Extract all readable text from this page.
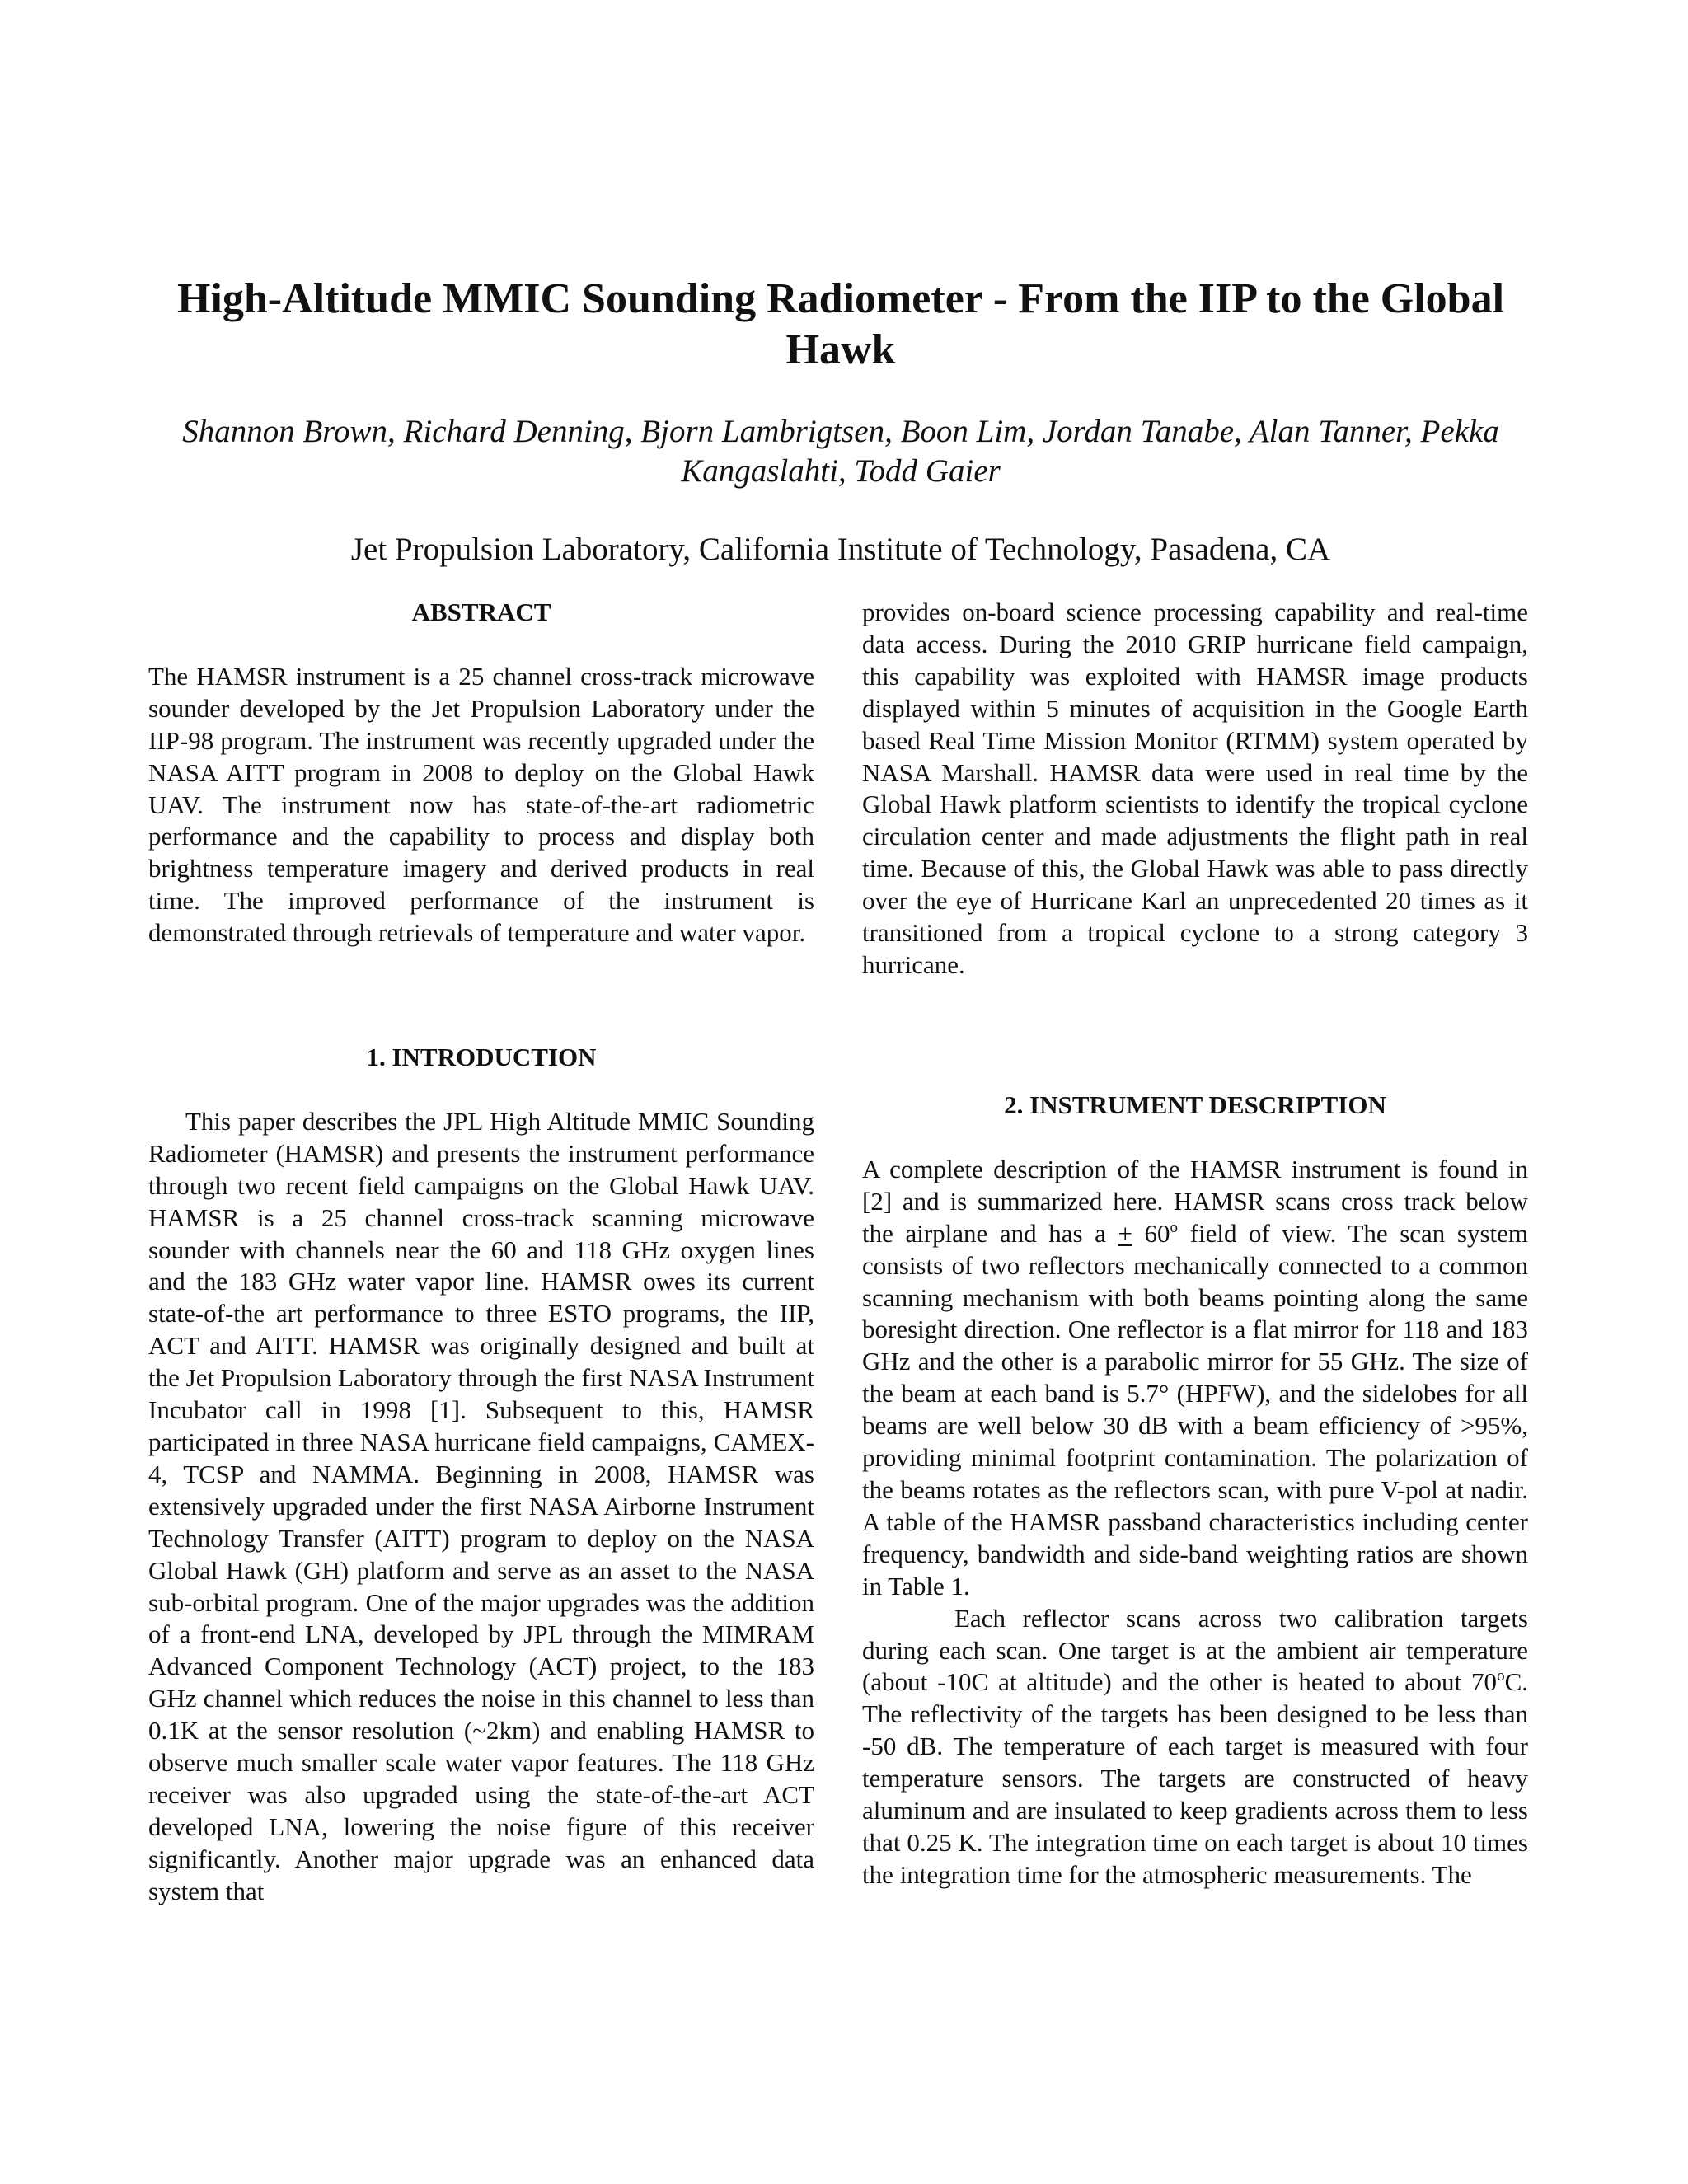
High-Altitude MMIC Sounding Radiometer - From the IIP to the Global Hawk
Shannon Brown, Richard Denning, Bjorn Lambrigtsen, Boon Lim, Jordan Tanabe, Alan Tanner, Pekka Kangaslahti, Todd Gaier
Jet Propulsion Laboratory, California Institute of Technology, Pasadena, CA

ABSTRACT

The HAMSR instrument is a 25 channel cross-track microwave sounder developed by the Jet Propulsion Laboratory under the IIP-98 program. The instrument was recently upgraded under the NASA AITT program in 2008 to deploy on the Global Hawk UAV. The instrument now has state-of-the-art radiometric performance and the capability to process and display both brightness temperature imagery and derived products in real time. The improved performance of the instrument is demonstrated through retrievals of temperature and water vapor.

1. INTRODUCTION

This paper describes the JPL High Altitude MMIC Sounding Radiometer (HAMSR) and presents the instrument performance through two recent field campaigns on the Global Hawk UAV. HAMSR is a 25 channel cross-track scanning microwave sounder with channels near the 60 and 118 GHz oxygen lines and the 183 GHz water vapor line. HAMSR owes its current state-of-the art performance to three ESTO programs, the IIP, ACT and AITT. HAMSR was originally designed and built at the Jet Propulsion Laboratory through the first NASA Instrument Incubator call in 1998 [1]. Subsequent to this, HAMSR participated in three NASA hurricane field campaigns, CAMEX-4, TCSP and NAMMA. Beginning in 2008, HAMSR was extensively upgraded under the first NASA Airborne Instrument Technology Transfer (AITT) program to deploy on the NASA Global Hawk (GH) platform and serve as an asset to the NASA sub-orbital program. One of the major upgrades was the addition of a front-end LNA, developed by JPL through the MIMRAM Advanced Component Technology (ACT) project, to the 183 GHz channel which reduces the noise in this channel to less than 0.1K at the sensor resolution (~2km) and enabling HAMSR to observe much smaller scale water vapor features. The 118 GHz receiver was also upgraded using the state-of-the-art ACT developed LNA, lowering the noise figure of this receiver significantly. Another major upgrade was an enhanced data system that

provides on-board science processing capability and real-time data access. During the 2010 GRIP hurricane field campaign, this capability was exploited with HAMSR image products displayed within 5 minutes of acquisition in the Google Earth based Real Time Mission Monitor (RTMM) system operated by NASA Marshall. HAMSR data were used in real time by the Global Hawk platform scientists to identify the tropical cyclone circulation center and made adjustments the flight path in real time. Because of this, the Global Hawk was able to pass directly over the eye of Hurricane Karl an unprecedented 20 times as it transitioned from a tropical cyclone to a strong category 3 hurricane.

2. INSTRUMENT DESCRIPTION

A complete description of the HAMSR instrument is found in [2] and is summarized here. HAMSR scans cross track below the airplane and has $a + 60^o$ field of view. The scan system consists of two reflectors mechanically connected to a common scanning mechanism with both beams pointing along the same boresight direction. One reflector is a flat mirror for 118 and 183 GHz and the other is a parabolic mirror for 55 GHz. The size of the beam at each band is 5.7° (HPFW), and the sidelobes for all beams are well below 30 dB with a beam efficiency of >95%, providing minimal footprint contamination. The polarization of the beams rotates as the reflectors scan, with pure V-pol at nadir. A table of the HAMSR passband characteristics including center frequency, bandwidth and side-band weighting ratios are shown in Table 1.

Each reflector scans across two calibration targets during each scan. One target is at the ambient air temperature (about -10C at altitude) and the other is heated to about 70$^o$C. The reflectivity of the targets has been designed to be less than -50 dB. The temperature of each target is measured with four temperature sensors. The targets are constructed of heavy aluminum and are insulated to keep gradients across them to less that 0.25 K. The integration time on each target is about 10 times the integration time for the atmospheric measurements. The
